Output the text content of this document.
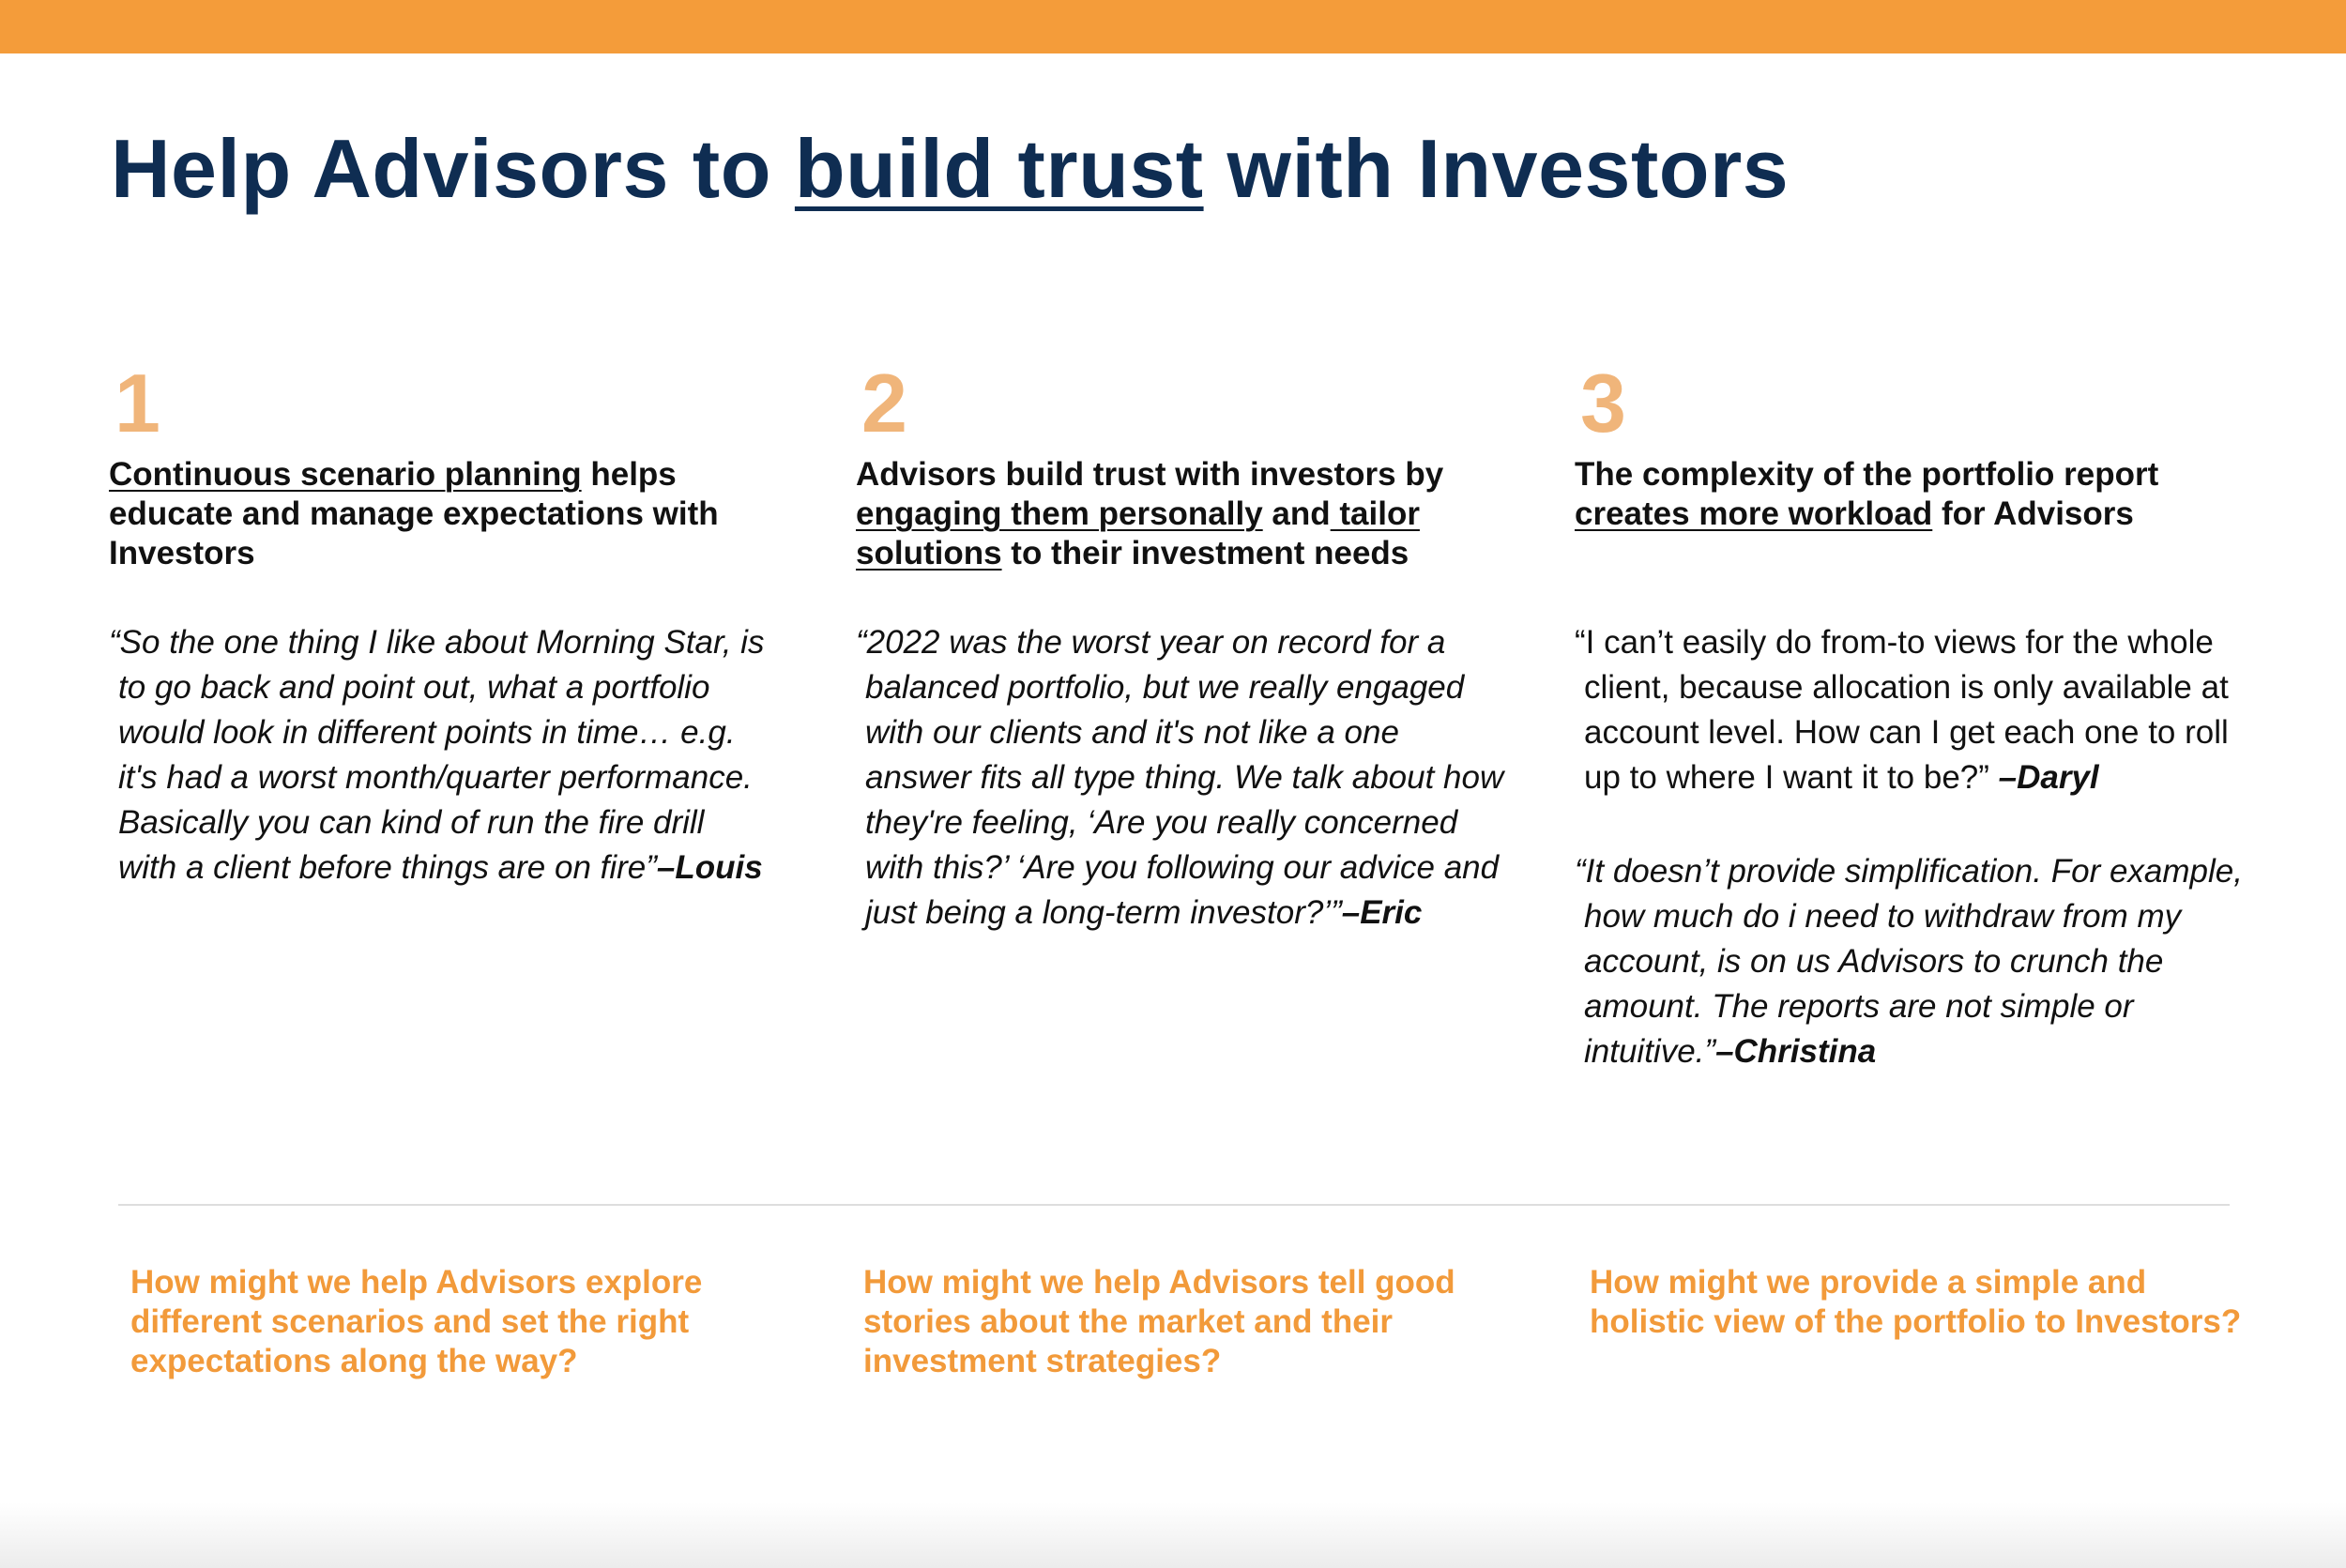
Help Advisors to build trust with Investors
1

Continuous scenario planning helps educate and manage expectations with Investors

“So the one thing I like about Morning Star, is to go back and point out, what a portfolio would look in different points in time… e.g. it's had a worst month/quarter performance. Basically you can kind of run the fire drill with a client before things are on fire”–Louis

2

Advisors build trust with investors by engaging them personally and tailor solutions to their investment needs

“2022 was the worst year on record for a balanced portfolio, but we really engaged with our clients and it's not like a one answer fits all type thing. We talk about how they're feeling, ‘Are you really concerned with this?’ ‘Are you following our advice and just being a long-term investor?’”–Eric

3

The complexity of the portfolio report creates more workload for Advisors

“I can’t easily do from-to views for the whole client, because allocation is only available at account level. How can I get each one to roll up to where I want it to be?” –Daryl

“It doesn’t provide simplification. For example, how much do i need to withdraw from my account, is on us Advisors to crunch the amount. The reports are not simple or intuitive.”–Christina

How might we help Advisors explore different scenarios and set the right expectations along the way?

How might we help Advisors tell good stories about the market and their investment strategies?

How might we provide a simple and holistic view of the portfolio to Investors?
